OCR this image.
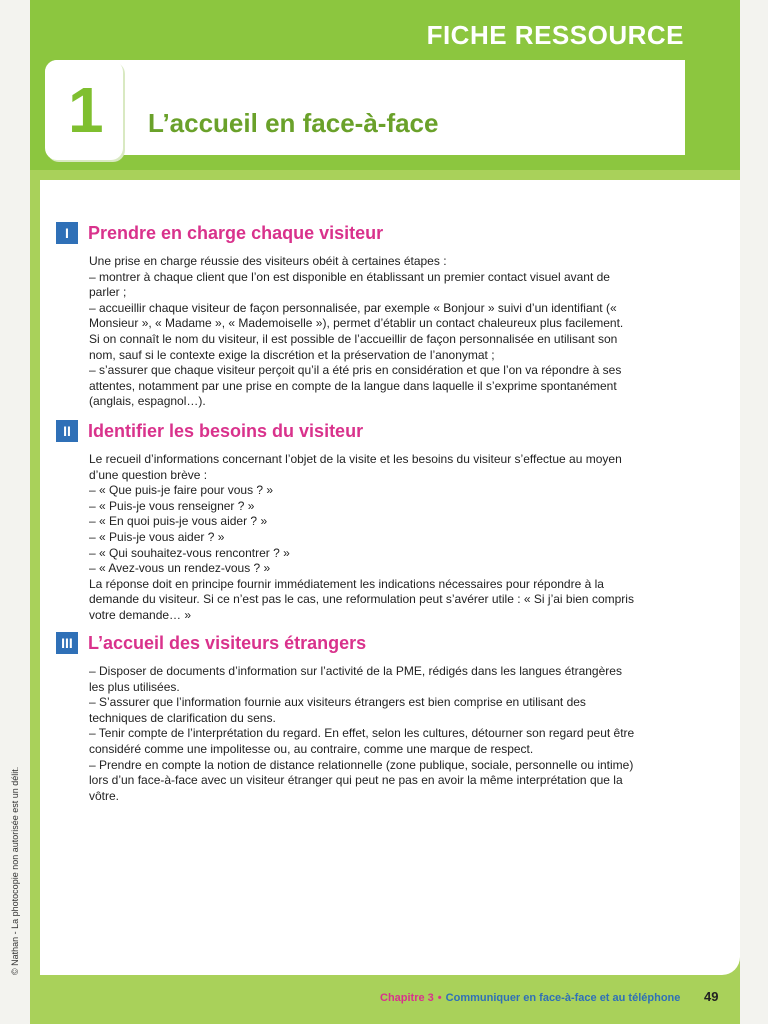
FICHE RESSOURCE
1 L’accueil en face-à-face
I	Prendre en charge chaque visiteur

Une prise en charge réussie des visiteurs obéit à certaines étapes :

– montrer à chaque client que l’on est disponible en établissant un premier contact visuel avant de parler ;

– accueillir chaque visiteur de façon personnalisée, par exemple « Bonjour » suivi d’un identifiant (« Monsieur », « Madame », « Mademoiselle »), permet d’établir un contact chaleureux plus facilement. Si on connaît le nom du visiteur, il est possible de l’accueillir de façon personnalisée en utilisant son nom, sauf si le contexte exige la discrétion et la préservation de l’anonymat ;

– s’assurer que chaque visiteur perçoit qu’il a été pris en considération et que l’on va répondre à ses attentes, notamment par une prise en compte de la langue dans laquelle il s’exprime spontanément (anglais, espagnol…).

II Identifier les besoins du visiteur

Le recueil d’informations concernant l’objet de la visite et les besoins du visiteur s’effectue au moyen d’une question brève :

– « Que puis-je faire pour vous ? »

– « Puis-je vous renseigner ? »

– « En quoi puis-je vous aider ? »

– « Puis-je vous aider ? »

– « Qui souhaitez-vous rencontrer ? »

– « Avez-vous un rendez-vous ? »

La réponse doit en principe fournir immédiatement les indications nécessaires pour répondre à la demande du visiteur. Si ce n’est pas le cas, une reformulation peut s’avérer utile : « Si j’ai bien compris votre demande… »

III L’accueil des visiteurs étrangers

– Disposer de documents d’information sur l’activité de la PME, rédigés dans les langues étrangères les plus utilisées.

– S’assurer que l’information fournie aux visiteurs étrangers est bien comprise en utilisant des techniques de clarification du sens.

– Tenir compte de l’interprétation du regard. En effet, selon les cultures, détourner son regard peut être considéré comme une impolitesse ou, au contraire, comme une marque de respect.

– Prendre en compte la notion de distance relationnelle (zone publique, sociale, personnelle ou intime) lors d’un face-à-face avec un visiteur étranger qui peut ne pas en avoir la même interprétation que la vôtre.

© Nathan - La photocopie non autorisée est un délit.
Chapitre 3 • Communiquer en face-à-face et au téléphone 49
